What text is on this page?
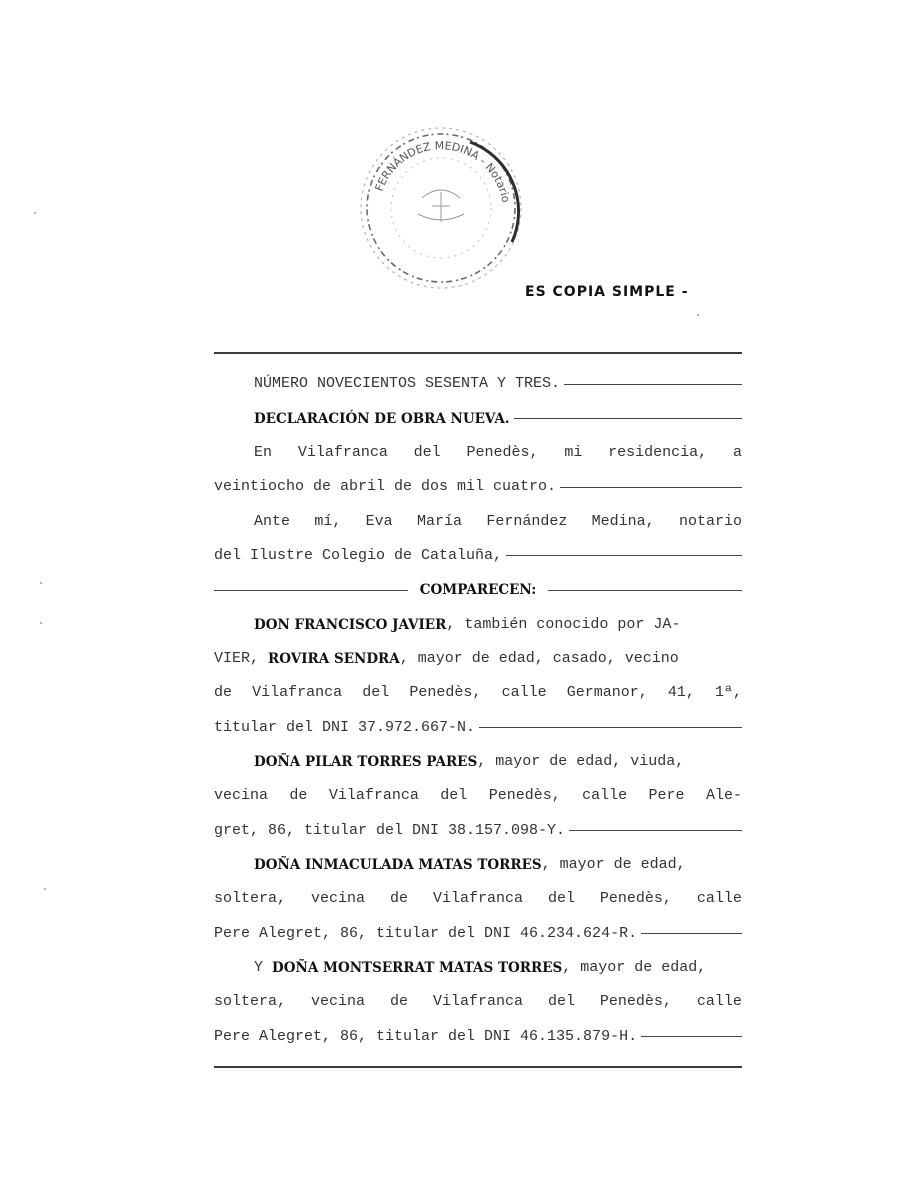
FERNÁNDEZ MEDINA - Notario
ES COPIA SIMPLE -
NÚMERO NOVECIENTOS SESENTA Y TRES.
DECLARACIÓN DE OBRA NUEVA.
En Vilafranca del Penedès, mi residencia, a
veintiocho de abril de dos mil cuatro.
Ante mí, Eva María Fernández Medina, notario
del Ilustre Colegio de Cataluña,
COMPARECEN:
DON FRANCISCO JAVIER , también conocido por JA-
VIER,
ROVIRA SENDRA , mayor de edad, casado, vecino
de Vilafranca del Penedès, calle Germanor, 41, 1ª,
titular del DNI 37.972.667-N.
DOÑA PILAR TORRES PARES , mayor de edad, viuda,
vecina de Vilafranca del Penedès, calle Pere Ale-
gret, 86, titular del DNI 38.157.098-Y.
DOÑA INMACULADA MATAS TORRES , mayor de edad,
soltera, vecina de Vilafranca del Penedès, calle
Pere Alegret, 86, titular del DNI 46.234.624-R.
Y
DOÑA MONTSERRAT MATAS TORRES , mayor de edad,
soltera, vecina de Vilafranca del Penedès, calle
Pere Alegret, 86, titular del DNI 46.135.879-H.
